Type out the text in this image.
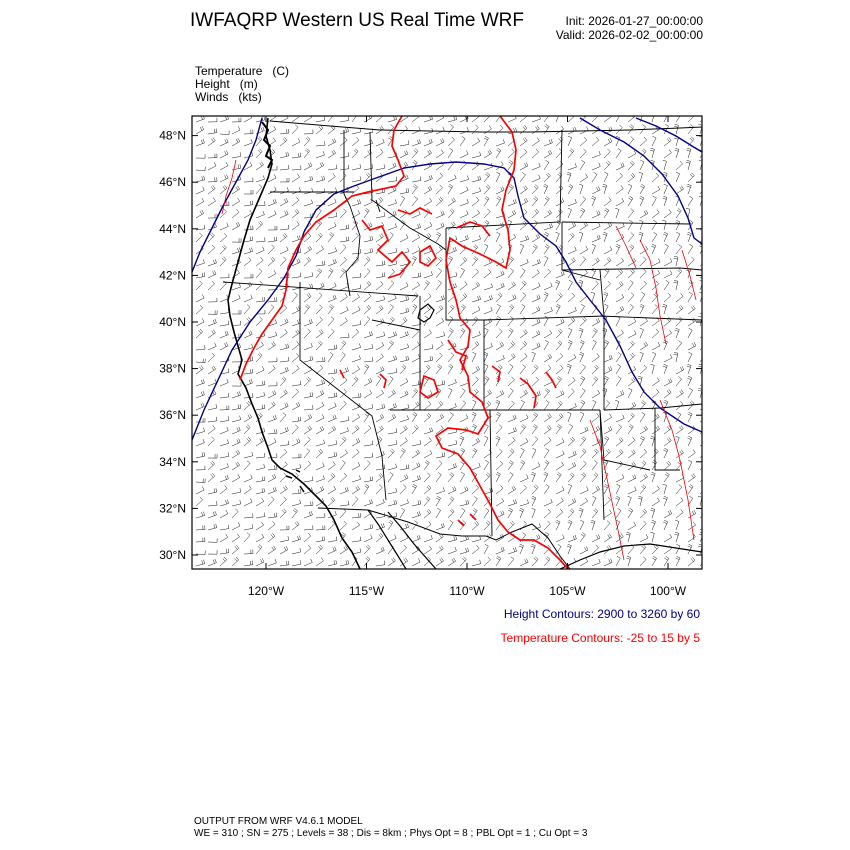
IWFAQRP Western US Real Time WRF	Init: 2026-01-27_00:00:00
Valid: 2026-02-02_00:00:00
Temperature (C)
Height (m)
Winds (kts)
48°N
46°N
44°N
42°N
40°N
38°N
36°N
34°N
32°N
30°N
120°W	115°W	110°W	105°W	100°W
Height Contours: 2900 to 3260 by 60
Temperature Contours: -25 to 15 by 5
OUTPUT FROM WRF V4.6.1 MODEL
WE = 310 ; SN = 275 ; Levels = 38 ; Dis = 8km ; Phys Opt = 8 ; PBL Opt = 1 ; Cu Opt = 3
